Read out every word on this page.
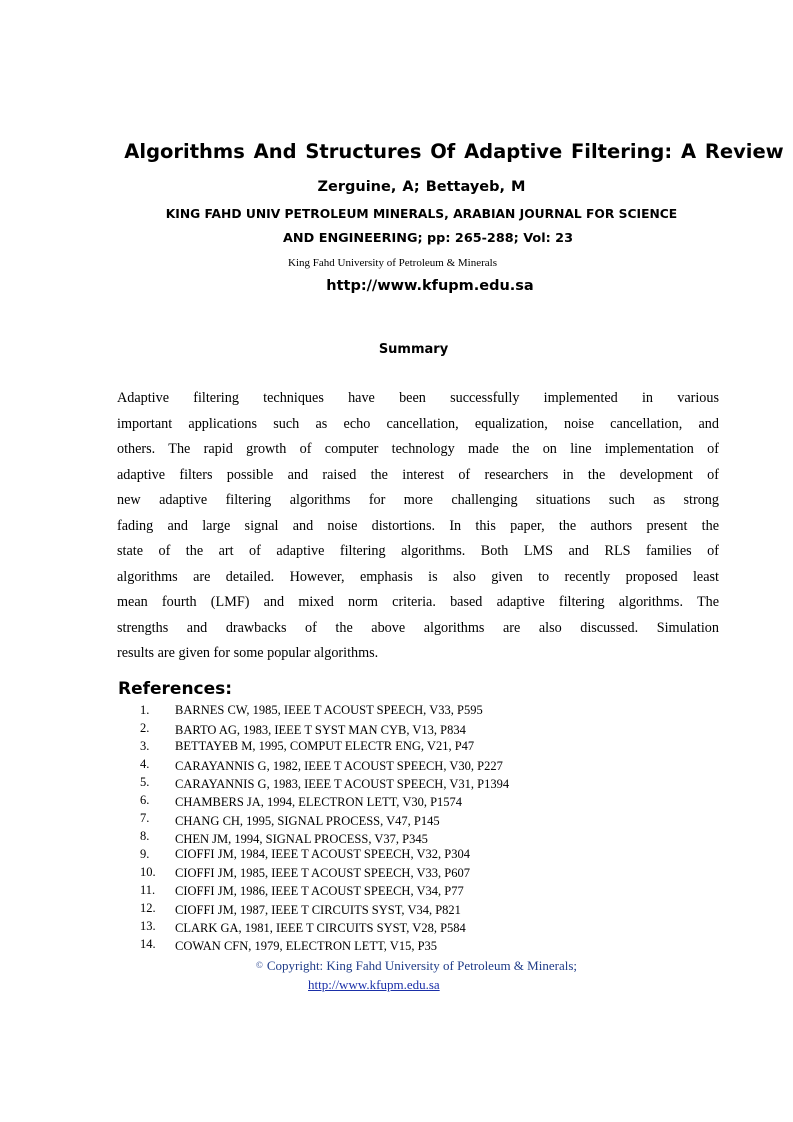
Algorithms And Structures Of Adaptive Filtering: A Review
Zerguine, A; Bettayeb, M
KING FAHD UNIV PETROLEUM MINERALS, ARABIAN JOURNAL FOR SCIENCE
AND ENGINEERING; pp: 265-288; Vol: 23
King Fahd University of Petroleum & Minerals
http://www.kfupm.edu.sa
Summary
Adaptive filtering techniques have been successfully implemented in various
important applications such as echo cancellation, equalization, noise cancellation, and
others. The rapid growth of computer technology made the on line implementation of
adaptive filters possible and raised the interest of researchers in the development of
new adaptive filtering algorithms for more challenging situations such as strong
fading and large signal and noise distortions. In this paper, the authors present the
state of the art of adaptive filtering algorithms. Both LMS and RLS families of
algorithms are detailed. However, emphasis is also given to recently proposed least
mean fourth (LMF) and mixed norm criteria. based adaptive filtering algorithms. The
strengths and drawbacks of the above algorithms are also discussed. Simulation
results are given for some popular algorithms.
References:
1. BARNES CW, 1985, IEEE T ACOUST SPEECH, V33, P595
2. BARTO AG, 1983, IEEE T SYST MAN CYB, V13, P834
3. BETTAYEB M, 1995, COMPUT ELECTR ENG, V21, P47
4. CARAYANNIS G, 1982, IEEE T ACOUST SPEECH, V30, P227
5. CARAYANNIS G, 1983, IEEE T ACOUST SPEECH, V31, P1394
6. CHAMBERS JA, 1994, ELECTRON LETT, V30, P1574
7. CHANG CH, 1995, SIGNAL PROCESS, V47, P145
8. CHEN JM, 1994, SIGNAL PROCESS, V37, P345
9. CIOFFI JM, 1984, IEEE T ACOUST SPEECH, V32, P304
10. CIOFFI JM, 1985, IEEE T ACOUST SPEECH, V33, P607
11. CIOFFI JM, 1986, IEEE T ACOUST SPEECH, V34, P77
12. CIOFFI JM, 1987, IEEE T CIRCUITS SYST, V34, P821
13. CLARK GA, 1981, IEEE T CIRCUITS SYST, V28, P584
14. COWAN CFN, 1979, ELECTRON LETT, V15, P35
© Copyright: King Fahd University of Petroleum & Minerals;
http://www.kfupm.edu.sa
